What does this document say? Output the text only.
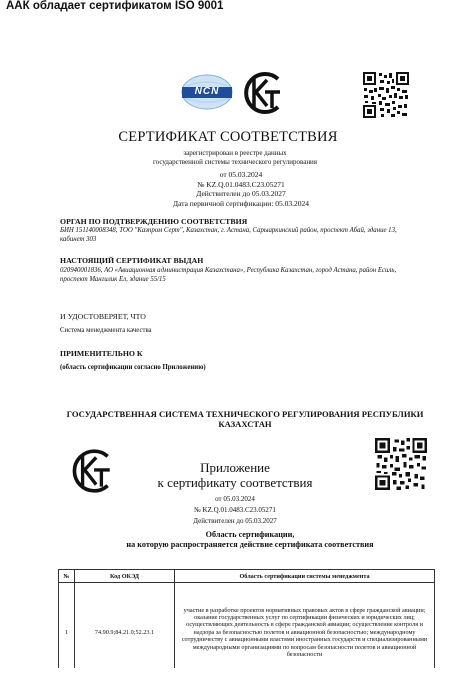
ААК обладает сертификатом ISO 9001
NCN
СЕРТИФИКАТ СООТВЕТСТВИЯ
зарегистрирован в реестре данных
государственной системы технического регулирования
от 05.03.2024
№ KZ.Q.01.0483.C23.05271
Действителен до 05.03.2027
Дата первичной сертификации: 05.03.2024
ОРГАН ПО ПОДТВЕРЖДЕНИЮ СООТВЕТСТВИЯ
БИН 151140008348, ТОО "Казпром Серт", Казахстан, г. Астана, Сарыаркинский район, проспект Абай, здание 13, кабинет 303
НАСТОЯЩИЙ СЕРТИФИКАТ ВЫДАН
020940001836, АО «Авиационная администрация Казахстана», Республика Казахстан, город Астана, район Есиль, проспект Мангилик Ел, здание 55/15
И УДОСТОВЕРЯЕТ, ЧТО
Система менеджмента качества
ПРИМЕНИТЕЛЬНО К
(область сертификации согласно Приложению)
ГОСУДАРСТВЕННАЯ СИСТЕМА ТЕХНИЧЕСКОГО РЕГУЛИРОВАНИЯ РЕСПУБЛИКИ КАЗАХСТАН
Приложение
к сертификату соответствия
от 05.03.2024
№ KZ.Q.01.0483.C23.05271
Действителен до 05.03.2027
Область сертификации,
на которую распространяется действие сертификата соответствия
№	Код ОКЭД	Область сертификации системы менеджмента
1	74.90.9;84.21.0;52.23.1	участие в разработке проектов нормативных правовых актов в сфере гражданской авиации; оказание государственных услуг по сертификации физических и юридических лиц; осуществляющих деятельность в сфере гражданской авиации; осуществление контроля и надзора за безопасностью полетов и авиационной безопасностью; международному сотрудничеству с авиационными властями иностранных государств и специализированными международными организациями по вопросам безопасности полетов и авиационной безопасности
